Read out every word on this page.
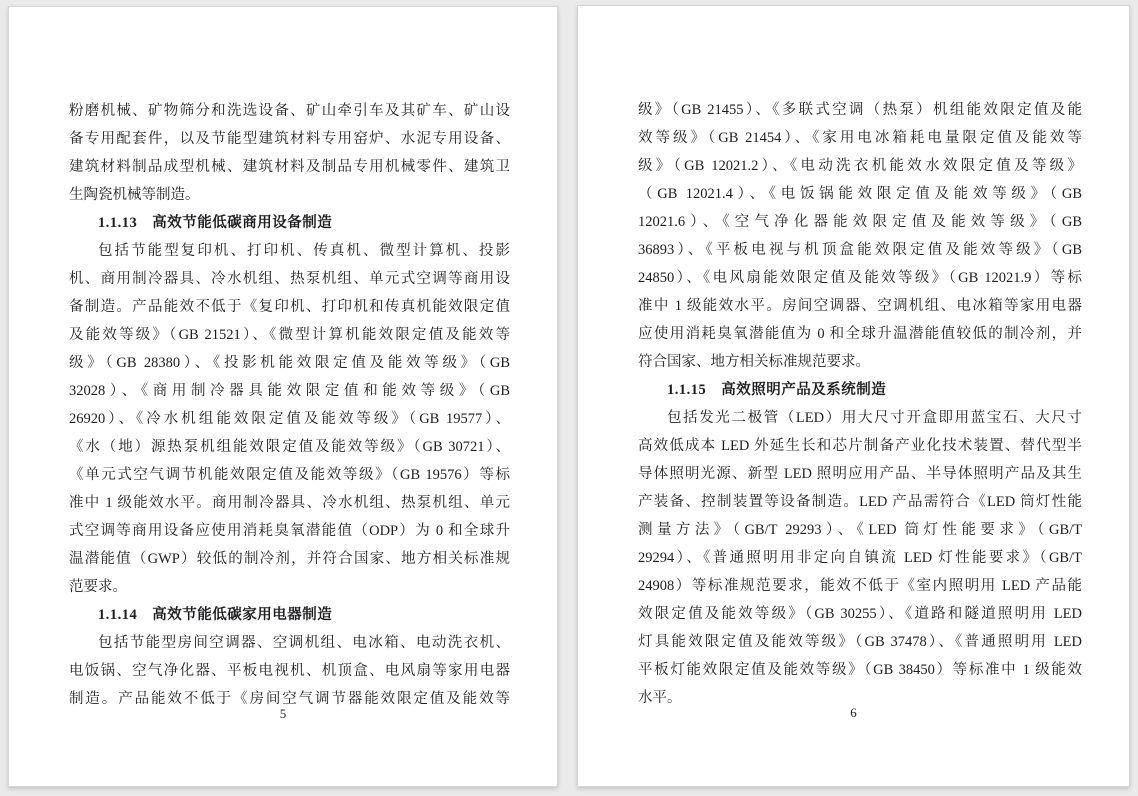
粉磨机械、矿物筛分和洗选设备、矿山牵引车及其矿车、矿山设
备专用配套件，以及节能型建筑材料专用窑炉、水泥专用设备、
建筑材料制品成型机械、建筑材料及制品专用机械零件、建筑卫
生陶瓷机械等制造。
1.1.13　高效节能低碳商用设备制造
包括节能型复印机、打印机、传真机、微型计算机、投影
机、商用制冷器具、冷水机组、热泵机组、单元式空调等商用设
备制造。产品能效不低于《复印机、打印机和传真机能效限定值
及能效等级》（GB 21521）、《微型计算机能效限定值及能效等
级》（GB 28380）、《投影机能效限定值及能效等级》（GB
32028）、《商用制冷器具能效限定值和能效等级》（GB
26920）、《冷水机组能效限定值及能效等级》（GB 19577）、
《水（地）源热泵机组能效限定值及能效等级》（GB 30721）、
《单元式空气调节机能效限定值及能效等级》（GB 19576）等标
准中 1 级能效水平。商用制冷器具、冷水机组、热泵机组、单元
式空调等商用设备应使用消耗臭氧潜能值（ODP）为 0 和全球升
温潜能值（GWP）较低的制冷剂，并符合国家、地方相关标准规
范要求。
1.1.14　高效节能低碳家用电器制造
包括节能型房间空调器、空调机组、电冰箱、电动洗衣机、
电饭锅、空气净化器、平板电视机、机顶盒、电风扇等家用电器
制造。产品能效不低于《房间空气调节器能效限定值及能效等
5
级》（GB 21455）、《多联式空调（热泵）机组能效限定值及能
效等级》（GB 21454）、《家用电冰箱耗电量限定值及能效等
级》（GB 12021.2）、《电动洗衣机能效水效限定值及等级》
（GB 12021.4）、《电饭锅能效限定值及能效等级》（GB
12021.6）、《空气净化器能效限定值及能效等级》（GB
36893）、《平板电视与机顶盒能效限定值及能效等级》（GB
24850）、《电风扇能效限定值及能效等级》（GB 12021.9）等标
准中 1 级能效水平。房间空调器、空调机组、电冰箱等家用电器
应使用消耗臭氧潜能值为 0 和全球升温潜能值较低的制冷剂，并
符合国家、地方相关标准规范要求。
1.1.15　高效照明产品及系统制造
包括发光二极管（LED）用大尺寸开盒即用蓝宝石、大尺寸
高效低成本 LED 外延生长和芯片制备产业化技术装置、替代型半
导体照明光源、新型 LED 照明应用产品、半导体照明产品及其生
产装备、控制装置等设备制造。LED 产品需符合《LED 筒灯性能
测量方法》（GB/T 29293）、《LED 筒灯性能要求》（GB/T
29294）、《普通照明用非定向自镇流 LED 灯性能要求》（GB/T
24908）等标准规范要求，能效不低于《室内照明用 LED 产品能
效限定值及能效等级》（GB 30255）、《道路和隧道照明用 LED
灯具能效限定值及能效等级》（GB 37478）、《普通照明用 LED
平板灯能效限定值及能效等级》（GB 38450）等标准中 1 级能效
水平。
6
